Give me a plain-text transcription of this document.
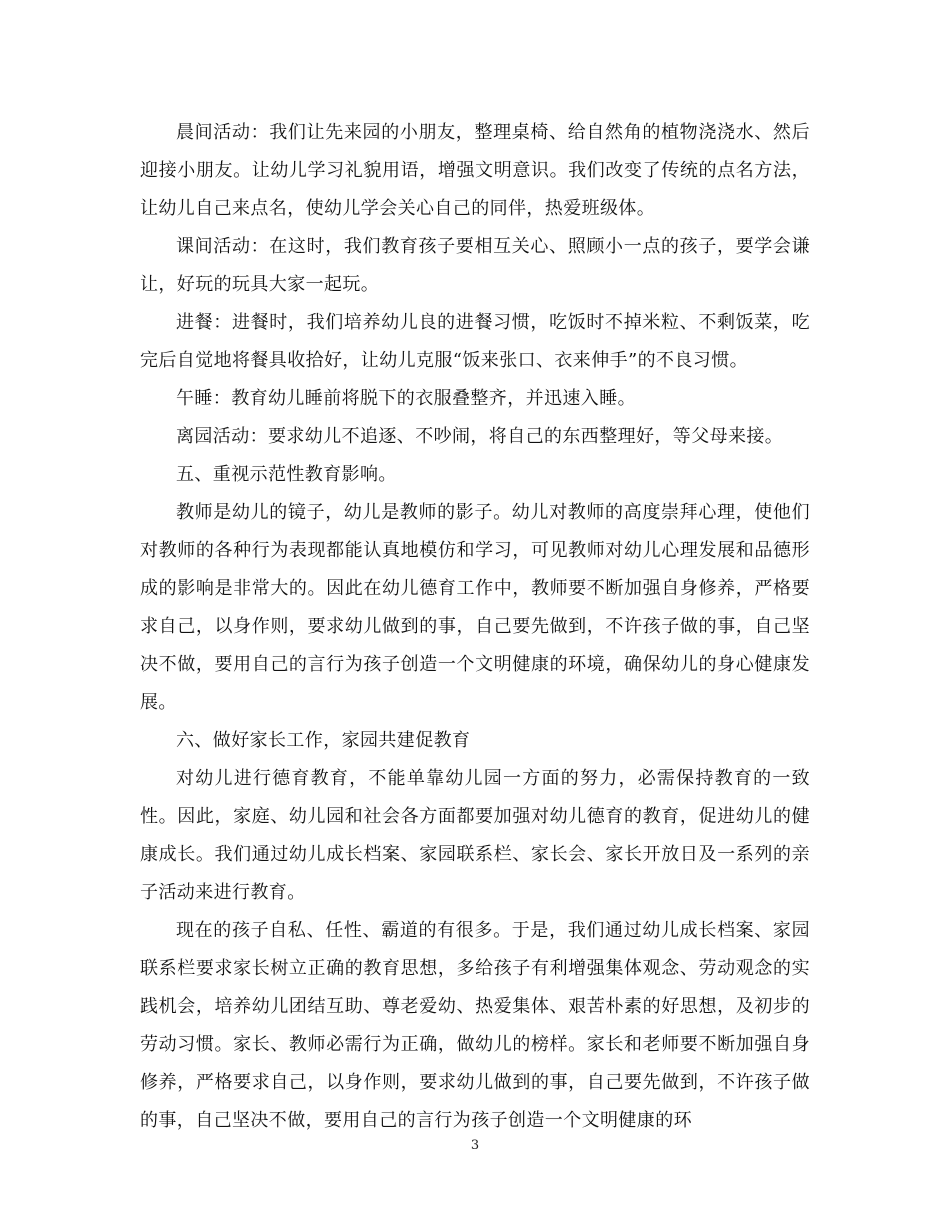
晨间活动：我们让先来园的小朋友，整理桌椅、给自然角的植物浇浇水、然后迎接小朋友。让幼儿学习礼貌用语，增强文明意识。我们改变了传统的点名方法，让幼儿自己来点名，使幼儿学会关心自己的同伴，热爱班级体。

课间活动：在这时，我们教育孩子要相互关心、照顾小一点的孩子，要学会谦让，好玩的玩具大家一起玩。

进餐：进餐时，我们培养幼儿良的进餐习惯，吃饭时不掉米粒、不剩饭菜，吃完后自觉地将餐具收拾好，让幼儿克服“饭来张口、衣来伸手”的不良习惯。

午睡：教育幼儿睡前将脱下的衣服叠整齐，并迅速入睡。

离园活动：要求幼儿不追逐、不吵闹，将自己的东西整理好，等父母来接。

五、重视示范性教育影响。

教师是幼儿的镜子，幼儿是教师的影子。幼儿对教师的高度崇拜心理，使他们对教师的各种行为表现都能认真地模仿和学习，可见教师对幼儿心理发展和品德形成的影响是非常大的。因此在幼儿德育工作中，教师要不断加强自身修养，严格要求自己，以身作则，要求幼儿做到的事，自己要先做到，不许孩子做的事，自己坚决不做，要用自己的言行为孩子创造一个文明健康的环境，确保幼儿的身心健康发展。

六、做好家长工作，家园共建促教育

对幼儿进行德育教育，不能单靠幼儿园一方面的努力，必需保持教育的一致性。因此，家庭、幼儿园和社会各方面都要加强对幼儿德育的教育，促进幼儿的健康成长。我们通过幼儿成长档案、家园联系栏、家长会、家长开放日及一系列的亲子活动来进行教育。

现在的孩子自私、任性、霸道的有很多。于是，我们通过幼儿成长档案、家园联系栏要求家长树立正确的教育思想，多给孩子有利增强集体观念、劳动观念的实践机会，培养幼儿团结互助、尊老爱幼、热爱集体、艰苦朴素的好思想，及初步的劳动习惯。家长、教师必需行为正确，做幼儿的榜样。家长和老师要不断加强自身修养，严格要求自己，以身作则，要求幼儿做到的事，自己要先做到，不许孩子做的事，自己坚决不做，要用自己的言行为孩子创造一个文明健康的环

3
